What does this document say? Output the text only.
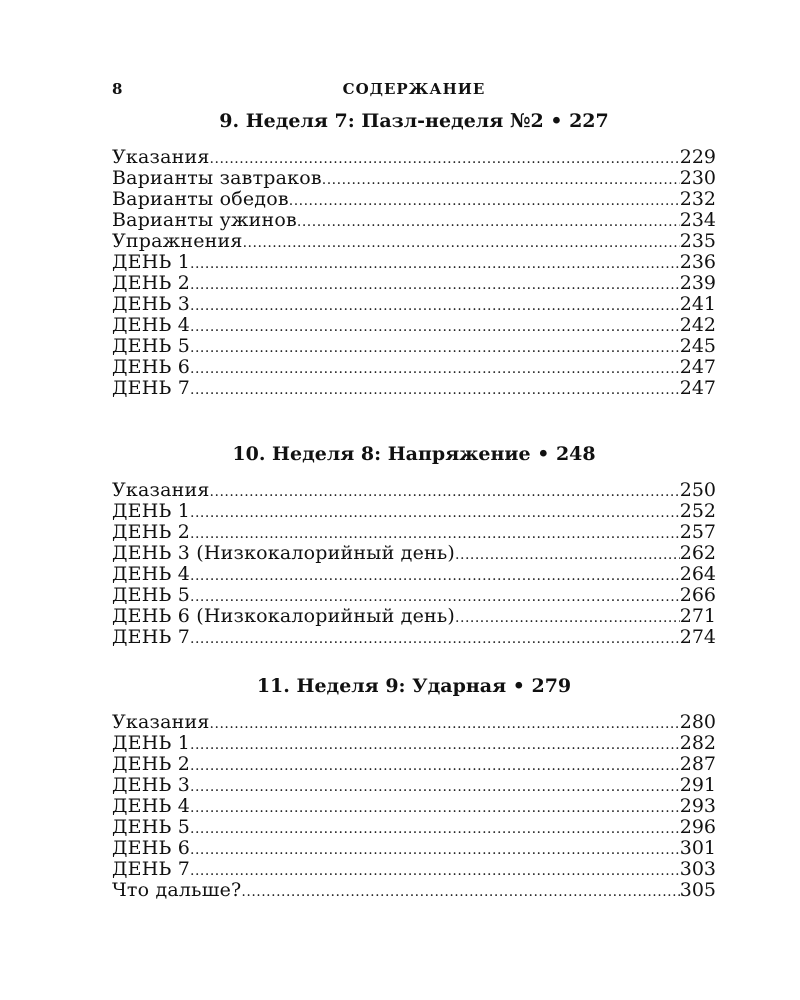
8	СОДЕРЖАНИЕ
9. Неделя 7: Пазл-неделя №2 • 227
Указания .....	229
Варианты завтраков .....	230
Варианты обедов .....	232
Варианты ужинов .....	234
Упражнения .....	235
ДЕНЬ 1 .....	236
ДЕНЬ 2 .....	239
ДЕНЬ 3 .....	241
ДЕНЬ 4 .....	242
ДЕНЬ 5 .....	245
ДЕНЬ 6 .....	247
ДЕНЬ 7 .....	247
10. Неделя 8: Напряжение • 248
Указания .....	250
ДЕНЬ 1 .....	252
ДЕНЬ 2 .....	257
ДЕНЬ 3 (Низкокалорийный день) .....	262
ДЕНЬ 4 .....	264
ДЕНЬ 5 .....	266
ДЕНЬ 6 (Низкокалорийный день) .....	271
ДЕНЬ 7 .....	274
11. Неделя 9: Ударная • 279
Указания .....	280
ДЕНЬ 1 .....	282
ДЕНЬ 2 .....	287
ДЕНЬ 3 .....	291
ДЕНЬ 4 .....	293
ДЕНЬ 5 .....	296
ДЕНЬ 6 .....	301
ДЕНЬ 7 .....	303
Что дальше? .....	305
